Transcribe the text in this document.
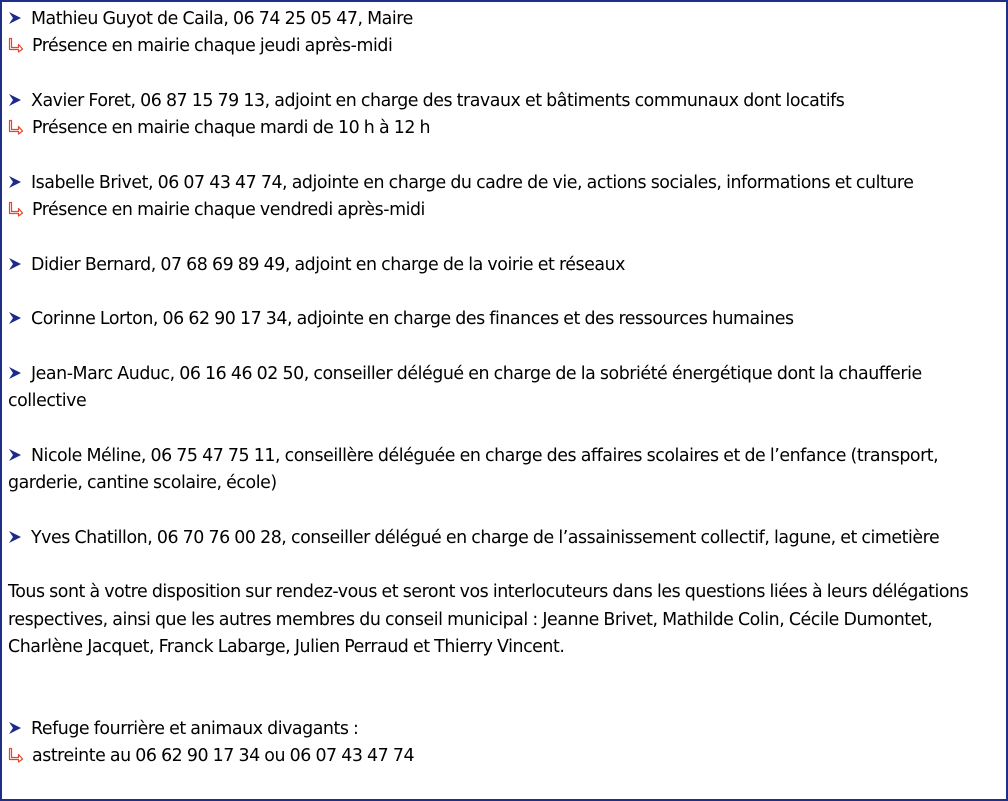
Mathieu Guyot de Caila, 06 74 25 05 47, Maire
Présence en mairie chaque jeudi après-midi
Xavier Foret, 06 87 15 79 13, adjoint en charge des travaux et bâtiments communaux dont locatifs
Présence en mairie chaque mardi de 10 h à 12 h
Isabelle Brivet, 06 07 43 47 74, adjointe en charge du cadre de vie, actions sociales, informations et culture
Présence en mairie chaque vendredi après-midi
Didier Bernard, 07 68 69 89 49, adjoint en charge de la voirie et réseaux
Corinne Lorton, 06 62 90 17 34, adjointe en charge des finances et des ressources humaines
Jean-Marc Auduc, 06 16 46 02 50, conseiller délégué en charge de la sobriété énergétique dont la chaufferie collective
Nicole Méline, 06 75 47 75 11, conseillère déléguée en charge des affaires scolaires et de l’enfance (transport, garderie, cantine scolaire, école)
Yves Chatillon, 06 70 76 00 28, conseiller délégué en charge de l’assainissement collectif, lagune, et cimetière
Tous sont à votre disposition sur rendez-vous et seront vos interlocuteurs dans les questions liées à leurs délégations respectives, ainsi que les autres membres du conseil municipal : Jeanne Brivet, Mathilde Colin, Cécile Dumontet, Charlène Jacquet, Franck Labarge, Julien Perraud et Thierry Vincent.
Refuge fourrière et animaux divagants :
astreinte au 06 62 90 17 34 ou 06 07 43 47 74
